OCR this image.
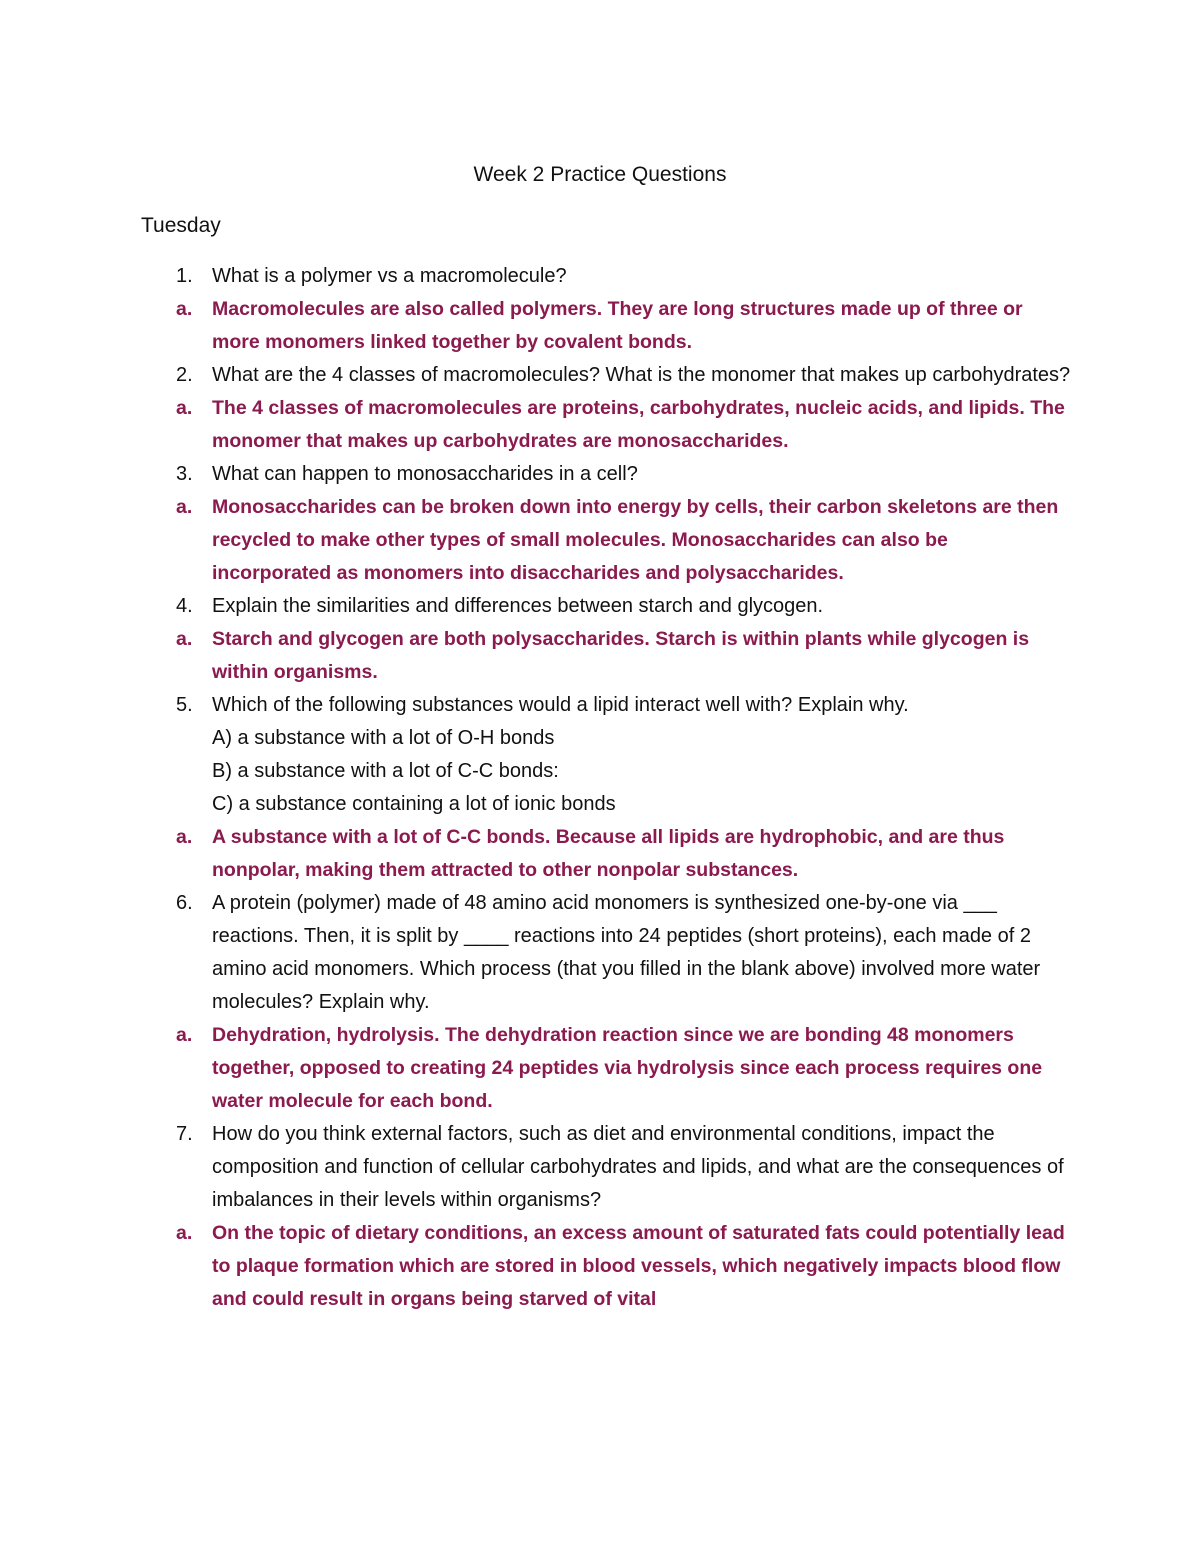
Week 2 Practice Questions
Tuesday
1. What is a polymer vs a macromolecule?
a. Macromolecules are also called polymers. They are long structures made up of three or more monomers linked together by covalent bonds.
2. What are the 4 classes of macromolecules? What is the monomer that makes up carbohydrates?
a. The 4 classes of macromolecules are proteins, carbohydrates, nucleic acids, and lipids. The monomer that makes up carbohydrates are monosaccharides.
3. What can happen to monosaccharides in a cell?
a. Monosaccharides can be broken down into energy by cells, their carbon skeletons are then recycled to make other types of small molecules. Monosaccharides can also be incorporated as monomers into disaccharides and polysaccharides.
4. Explain the similarities and differences between starch and glycogen.
a. Starch and glycogen are both polysaccharides. Starch is within plants while glycogen is within organisms.
5. Which of the following substances would a lipid interact well with? Explain why.
A) a substance with a lot of O-H bonds
B) a substance with a lot of C-C bonds:
C) a substance containing a lot of ionic bonds
a. A substance with a lot of C-C bonds. Because all lipids are hydrophobic, and are thus nonpolar, making them attracted to other nonpolar substances.
6. A protein (polymer) made of 48 amino acid monomers is synthesized one-by-one via ___ reactions. Then, it is split by ____ reactions into 24 peptides (short proteins), each made of 2 amino acid monomers. Which process (that you filled in the blank above) involved more water molecules? Explain why.
a. Dehydration, hydrolysis. The dehydration reaction since we are bonding 48 monomers together, opposed to creating 24 peptides via hydrolysis since each process requires one water molecule for each bond.
7. How do you think external factors, such as diet and environmental conditions, impact the composition and function of cellular carbohydrates and lipids, and what are the consequences of imbalances in their levels within organisms?
a. On the topic of dietary conditions, an excess amount of saturated fats could potentially lead to plaque formation which are stored in blood vessels, which negatively impacts blood flow and could result in organs being starved of vital
